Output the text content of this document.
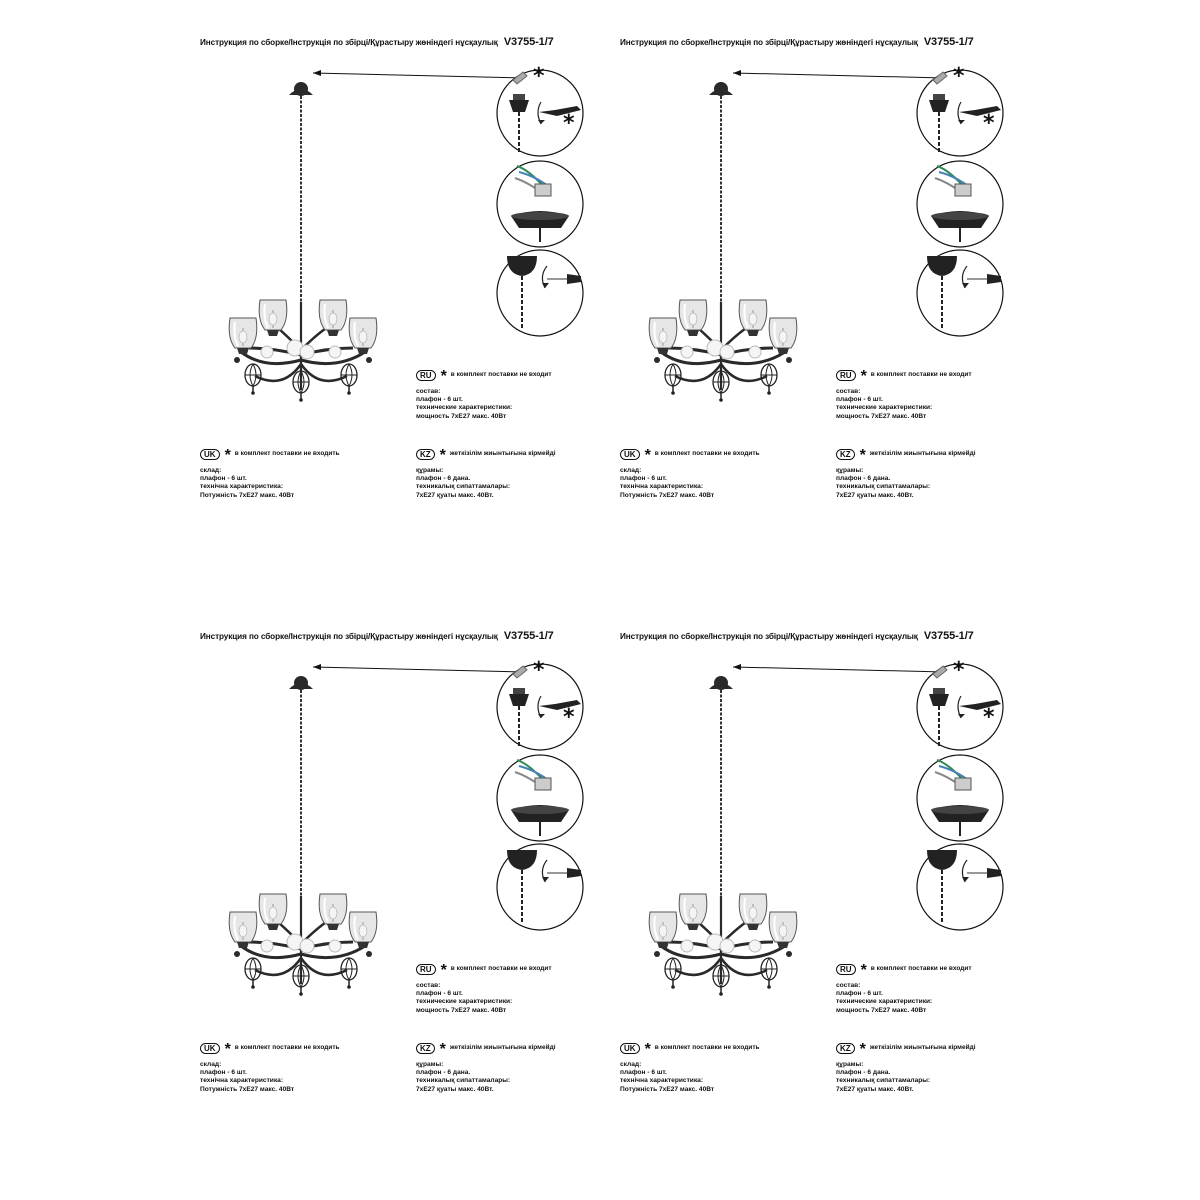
Инструкция по сборке/Інструкція по збірці/Құрастыру жөніндегі нұсқаулық V3755-1/7
*
*
RU * в комплект поставки не входит
состав:
плафон - 6 шт.
технические характеристики:
мощность 7хЕ27 макс. 40Вт
UK * в комплект поставки не входить
склад:
плафон - 6 шт.
технічна характеристика:
Потужність 7хЕ27 макс. 40Вт
KZ * жеткізілім жиынтығына кірмейді
құрамы:
плафон - 6 дана.
техникалық сипаттамалары:
7хЕ27 қуаты макс. 40Вт.
Инструкция по сборке/Інструкція по збірці/Құрастыру жөніндегі нұсқаулық V3755-1/7
*
*
RU * в комплект поставки не входит
состав:
плафон - 6 шт.
технические характеристики:
мощность 7хЕ27 макс. 40Вт
UK * в комплект поставки не входить
склад:
плафон - 6 шт.
технічна характеристика:
Потужність 7хЕ27 макс. 40Вт
KZ * жеткізілім жиынтығына кірмейді
құрамы:
плафон - 6 дана.
техникалық сипаттамалары:
7хЕ27 қуаты макс. 40Вт.
Инструкция по сборке/Інструкція по збірці/Құрастыру жөніндегі нұсқаулық V3755-1/7
*
*
RU * в комплект поставки не входит
состав:
плафон - 6 шт.
технические характеристики:
мощность 7хЕ27 макс. 40Вт
UK * в комплект поставки не входить
склад:
плафон - 6 шт.
технічна характеристика:
Потужність 7хЕ27 макс. 40Вт
KZ * жеткізілім жиынтығына кірмейді
құрамы:
плафон - 6 дана.
техникалық сипаттамалары:
7хЕ27 қуаты макс. 40Вт.
Инструкция по сборке/Інструкція по збірці/Құрастыру жөніндегі нұсқаулық V3755-1/7
*
*
RU * в комплект поставки не входит
состав:
плафон - 6 шт.
технические характеристики:
мощность 7хЕ27 макс. 40Вт
UK * в комплект поставки не входить
склад:
плафон - 6 шт.
технічна характеристика:
Потужність 7хЕ27 макс. 40Вт
KZ * жеткізілім жиынтығына кірмейді
құрамы:
плафон - 6 дана.
техникалық сипаттамалары:
7хЕ27 қуаты макс. 40Вт.
